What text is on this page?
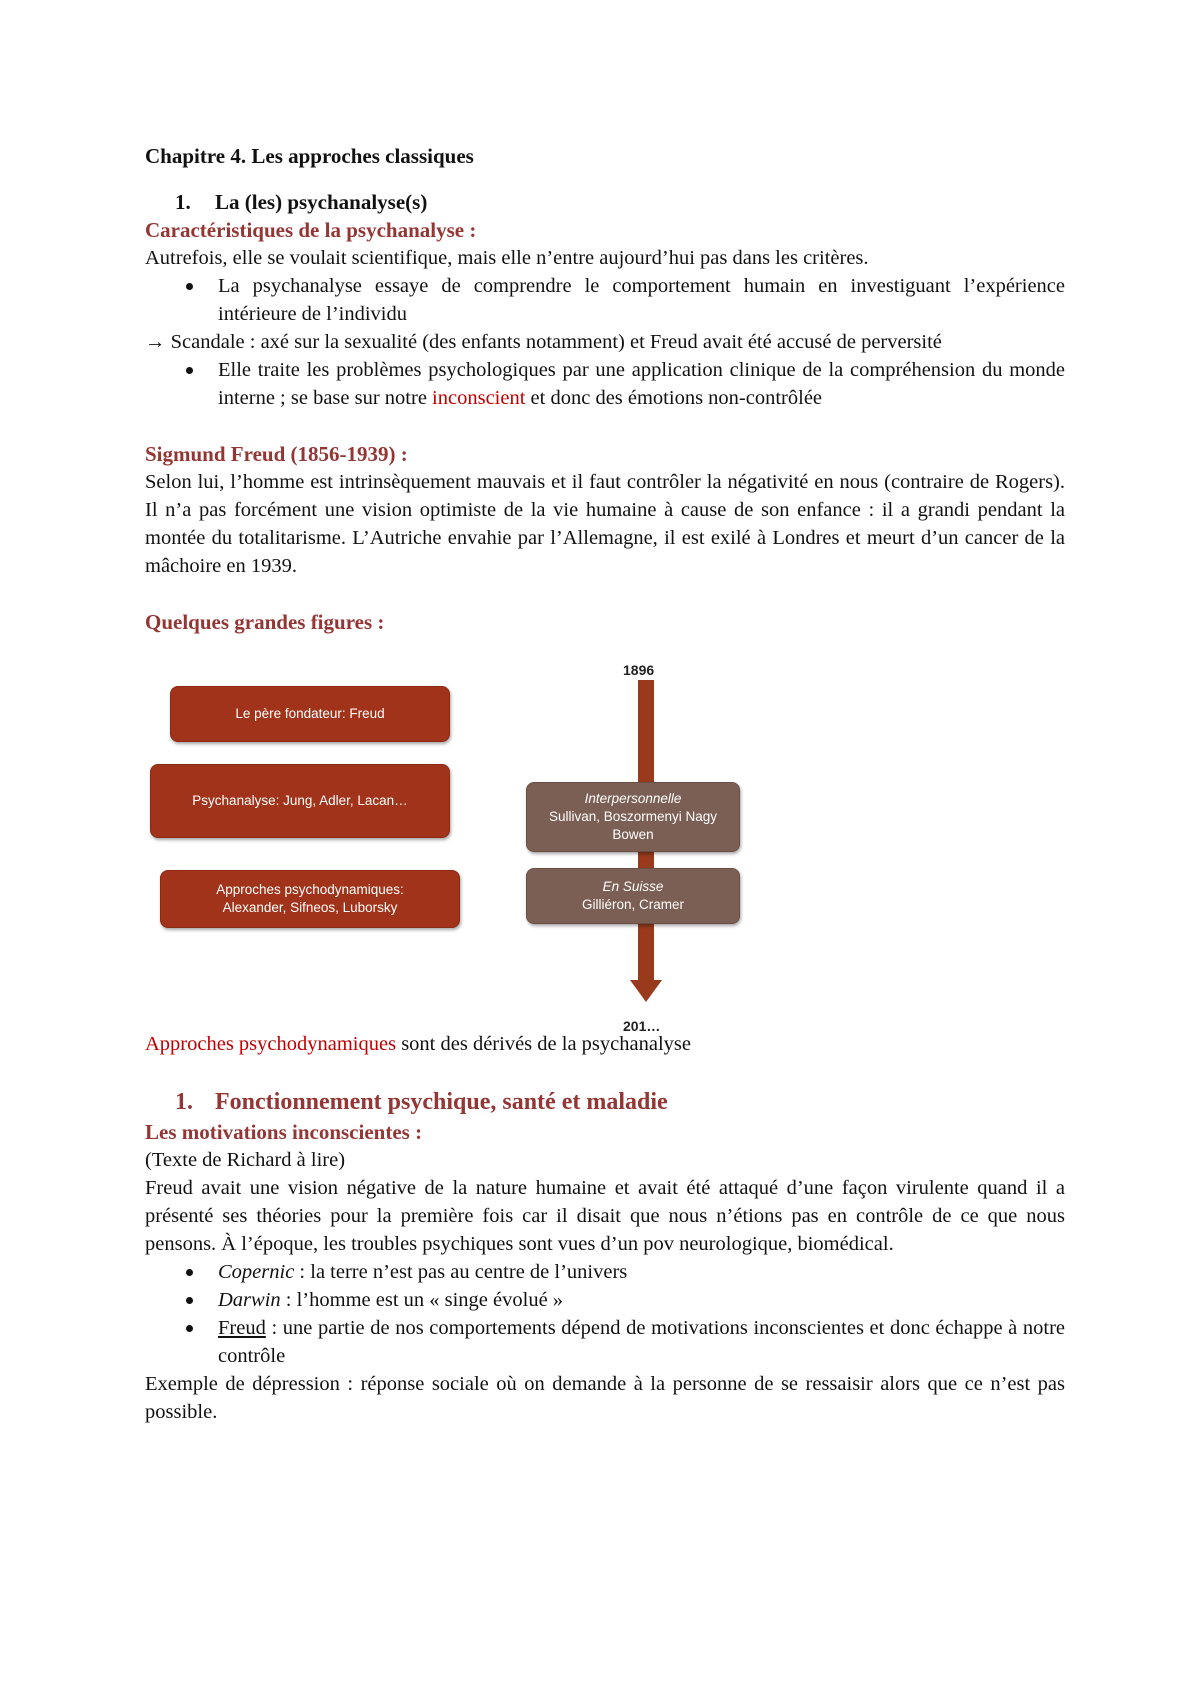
Chapitre 4. Les approches classiques

1.	La (les) psychanalyse(s)

Caractéristiques de la psychanalyse :

Autrefois, elle se voulait scientifique, mais elle n’entre aujourd’hui pas dans les critères.

La psychanalyse essaye de comprendre le comportement humain en investiguant l’expérience intérieure de l’individu

→ Scandale : axé sur la sexualité (des enfants notamment) et Freud avait été accusé de perversité

Elle traite les problèmes psychologiques par une application clinique de la compréhension du monde interne ; se base sur notre inconscient et donc des émotions non-contrôlée

Sigmund Freud (1856-1939) :

Selon lui, l’homme est intrinsèquement mauvais et il faut contrôler la négativité en nous (contraire de Rogers). Il n’a pas forcément une vision optimiste de la vie humaine à cause de son enfance : il a grandi pendant la montée du totalitarisme. L’Autriche envahie par l’Allemagne, il est exilé à Londres et meurt d’un cancer de la mâchoire en 1939.

Quelques grandes figures :

1896
201…
Le père fondateur: Freud
Psychanalyse: Jung, Adler, Lacan…
Approches psychodynamiques:
Alexander, Sifneos, Luborsky
Interpersonnelle
Sullivan, Boszormenyi Nagy
Bowen
En Suisse
Gilliéron, Cramer

Approches psychodynamiques sont des dérivés de la psychanalyse

1. Fonctionnement psychique, santé et maladie

Les motivations inconscientes :

(Texte de Richard à lire)

Freud avait une vision négative de la nature humaine et avait été attaqué d’une façon virulente quand il a présenté ses théories pour la première fois car il disait que nous n’étions pas en contrôle de ce que nous pensons. À l’époque, les troubles psychiques sont vues d’un pov neurologique, biomédical.

Copernic : la terre n’est pas au centre de l’univers
Darwin : l’homme est un « singe évolué »
Freud : une partie de nos comportements dépend de motivations inconscientes et donc échappe à notre contrôle

Exemple de dépression : réponse sociale où on demande à la personne de se ressaisir alors que ce n’est pas possible.
